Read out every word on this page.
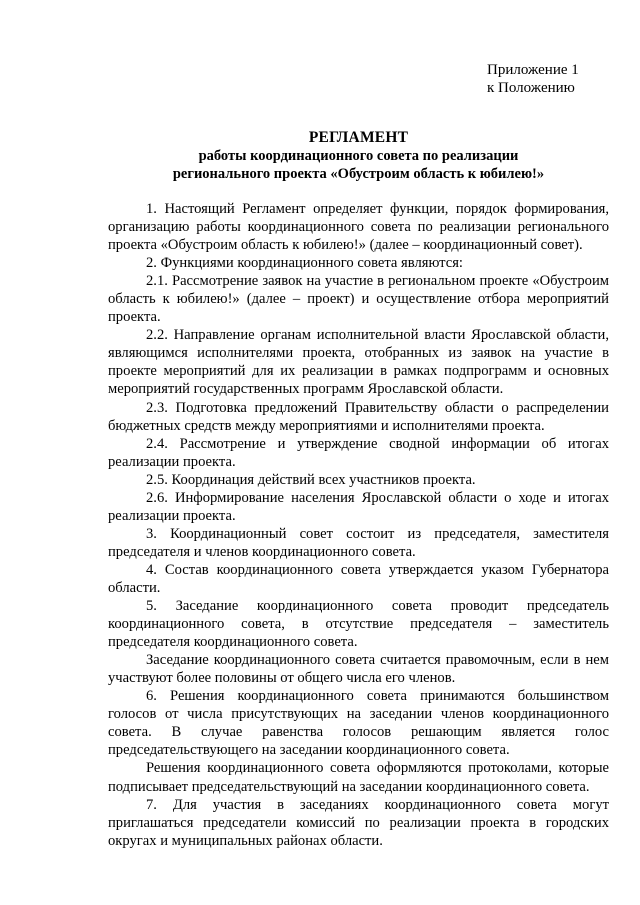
Приложение 1
к Положению
РЕГЛАМЕНТ
работы координационного совета по реализации
регионального проекта «Обустроим область к юбилею!»

1. Настоящий Регламент определяет функции, порядок формирования, организацию работы координационного совета по реализации регионального проекта «Обустроим область к юбилею!» (далее – координационный совет).

2. Функциями координационного совета являются:

2.1. Рассмотрение заявок на участие в региональном проекте «Обустроим область к юбилею!» (далее – проект) и осуществление отбора мероприятий проекта.

2.2. Направление органам исполнительной власти Ярославской области, являющимся исполнителями проекта, отобранных из заявок на участие в проекте мероприятий для их реализации в рамках подпрограмм и основных мероприятий государственных программ Ярославской области.

2.3. Подготовка предложений Правительству области о распределении бюджетных средств между мероприятиями и исполнителями проекта.

2.4. Рассмотрение и утверждение сводной информации об итогах реализации проекта.

2.5. Координация действий всех участников проекта.

2.6. Информирование населения Ярославской области о ходе и итогах реализации проекта.

3. Координационный совет состоит из председателя, заместителя председателя и членов координационного совета.

4. Состав координационного совета утверждается указом Губернатора области.

5. Заседание координационного совета проводит председатель координационного совета, в отсутствие председателя – заместитель председателя координационного совета.

Заседание координационного совета считается правомочным, если в нем участвуют более половины от общего числа его членов.

6. Решения координационного совета принимаются большинством голосов от числа присутствующих на заседании членов координационного совета. В случае равенства голосов решающим является голос председательствующего на заседании координационного совета.

Решения координационного совета оформляются протоколами, которые подписывает председательствующий на заседании координационного совета.

7. Для участия в заседаниях координационного совета могут приглашаться председатели комиссий по реализации проекта в городских округах и муниципальных районах области.
